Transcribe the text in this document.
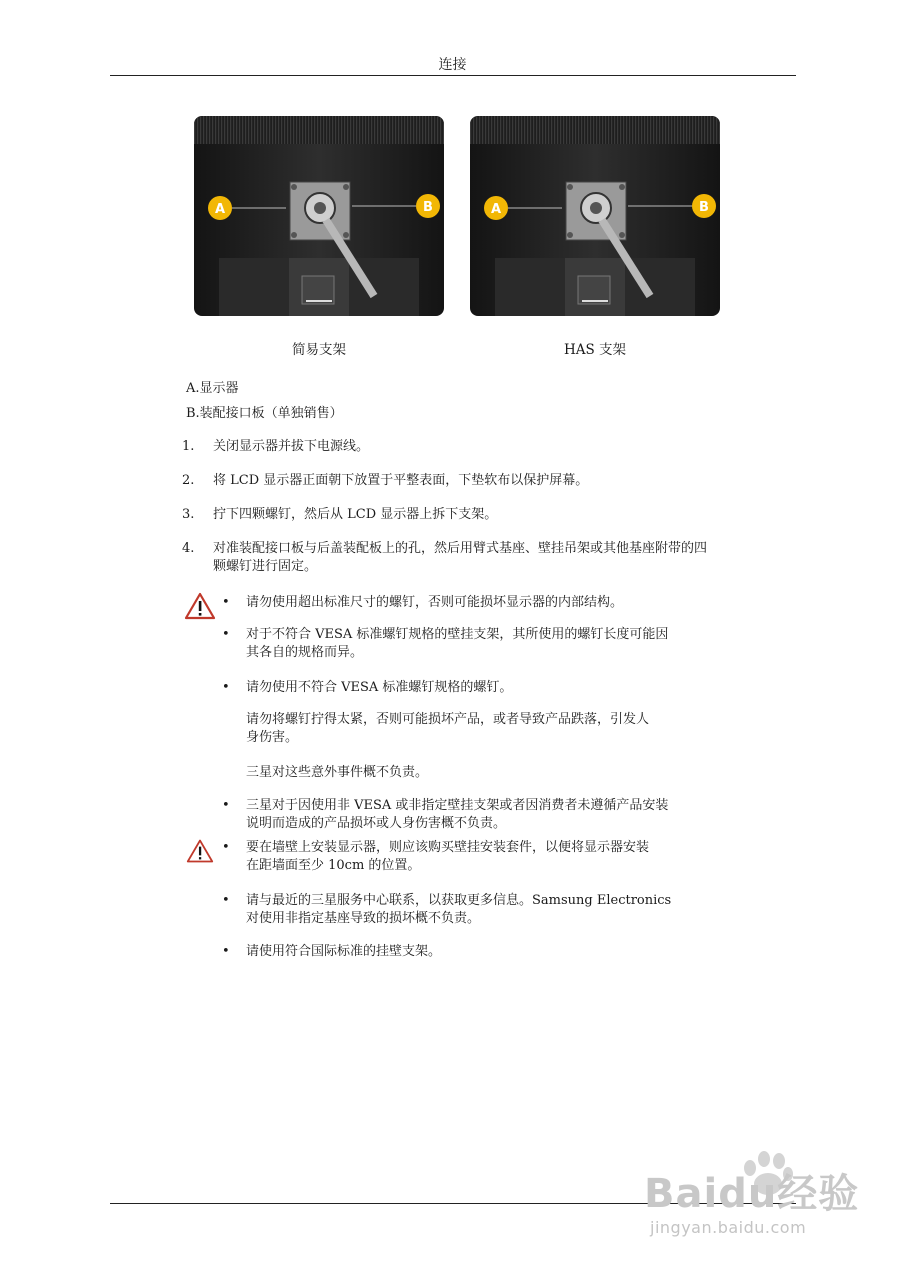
连接
A	B
简易支架
A	B
HAS 支架
A.显示器
B.装配接口板（单独销售）
1. 关闭显示器并拔下电源线。
2. 将 LCD 显示器正面朝下放置于平整表面，下垫软布以保护屏幕。
3. 拧下四颗螺钉，然后从 LCD 显示器上拆下支架。
4. 对准装配接口板与后盖装配板上的孔，然后用臂式基座、壁挂吊架或其他基座附带的四
颗螺钉进行固定。
• 请勿使用超出标准尺寸的螺钉，否则可能损坏显示器的内部结构。
• 对于不符合 VESA 标准螺钉规格的壁挂支架，其所使用的螺钉长度可能因
其各自的规格而异。
• 请勿使用不符合 VESA 标准螺钉规格的螺钉。
请勿将螺钉拧得太紧，否则可能损坏产品，或者导致产品跌落，引发人
身伤害。
三星对这些意外事件概不负责。
• 三星对于因使用非 VESA 或非指定壁挂支架或者因消费者未遵循产品安装
说明而造成的产品损坏或人身伤害概不负责。
• 要在墙壁上安装显示器，则应该购买壁挂安装套件，以便将显示器安装
在距墙面至少 10cm 的位置。
• 请与最近的三星服务中心联系，以获取更多信息。Samsung Electronics
对使用非指定基座导致的损坏概不负责。
• 请使用符合国际标准的挂壁支架。
Baidu经验
jingyan.baidu.com
